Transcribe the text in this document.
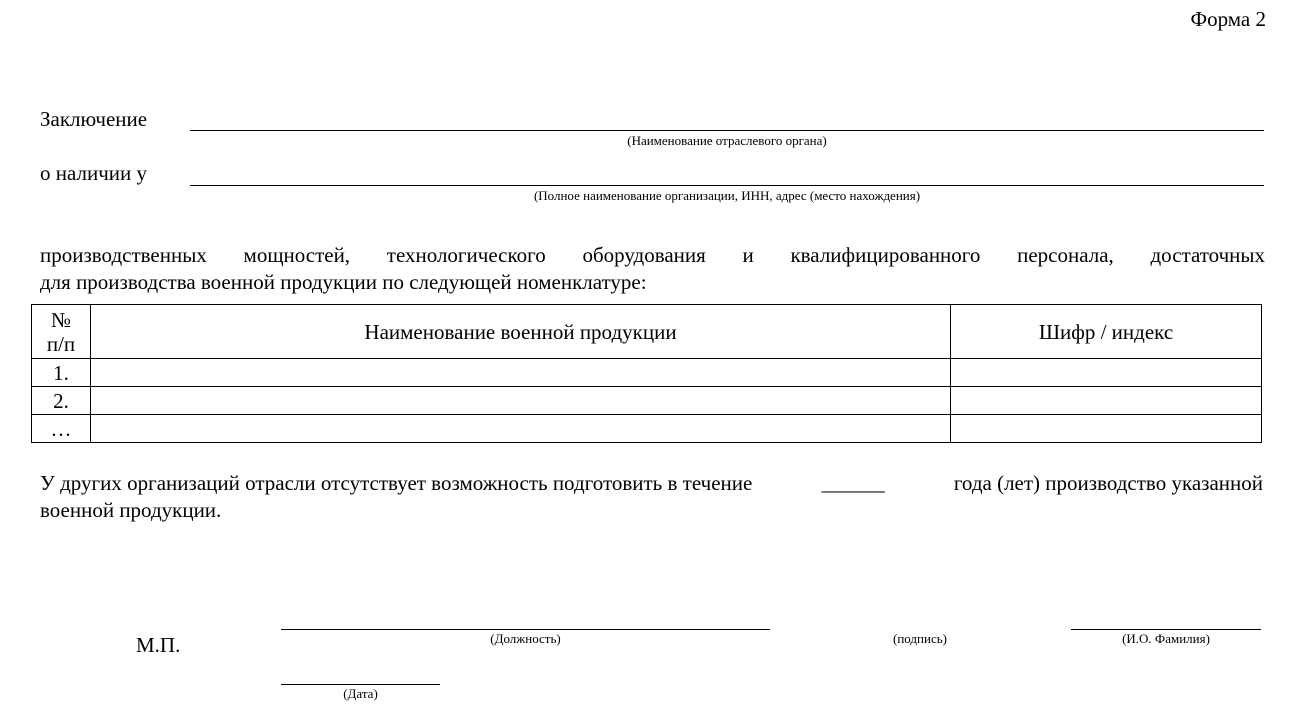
Форма 2
Заключение
(Наименование отраслевого органа)
о наличии у
(Полное наименование организации, ИНН, адрес (место нахождения)
производственных мощностей, технологического оборудования и квалифицированного персонала, достаточных
для производства военной продукции по следующей номенклатуре:
№ п/п	Наименование военной продукции	Шифр / индекс
1.		
2.		
…		
У других организаций отрасли отсутствует возможность подготовить в течение	______	года (лет) производство указанной
военной продукции.
М.П.	(Должность)	(подпись)	(И.О. Фамилия)
(Дата)
